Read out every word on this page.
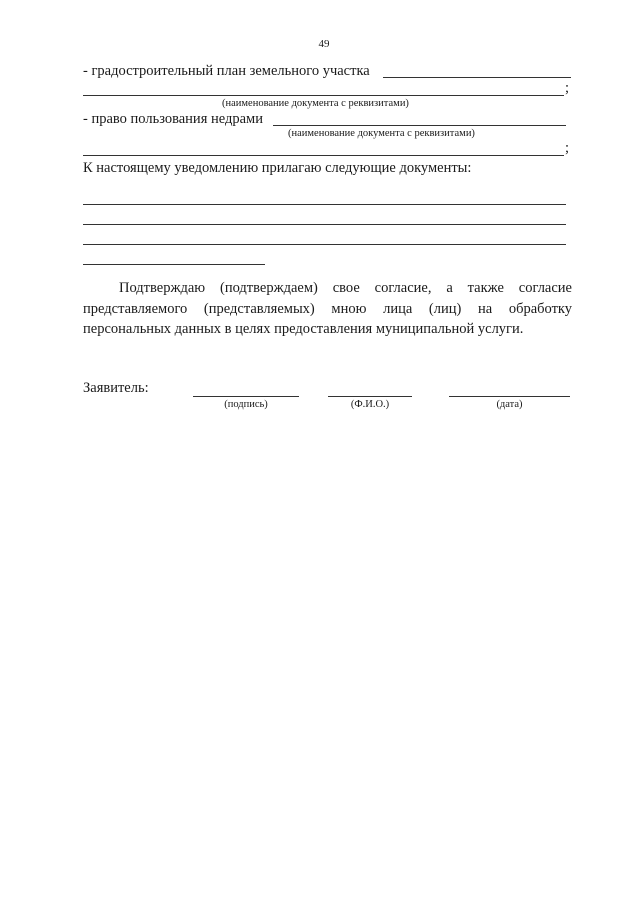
49
- градостроительный план земельного участка
;
(наименование документа с реквизитами)
- право пользования недрами
(наименование документа с реквизитами)
;
К настоящему уведомлению прилагаю следующие документы:
Подтверждаю (подтверждаем) свое согласие, а также согласие
представляемого (представляемых) мною лица (лиц) на обработку
персональных данных в целях предоставления муниципальной услуги.
Заявитель:
(подпись)	(Ф.И.О.)	(дата)
